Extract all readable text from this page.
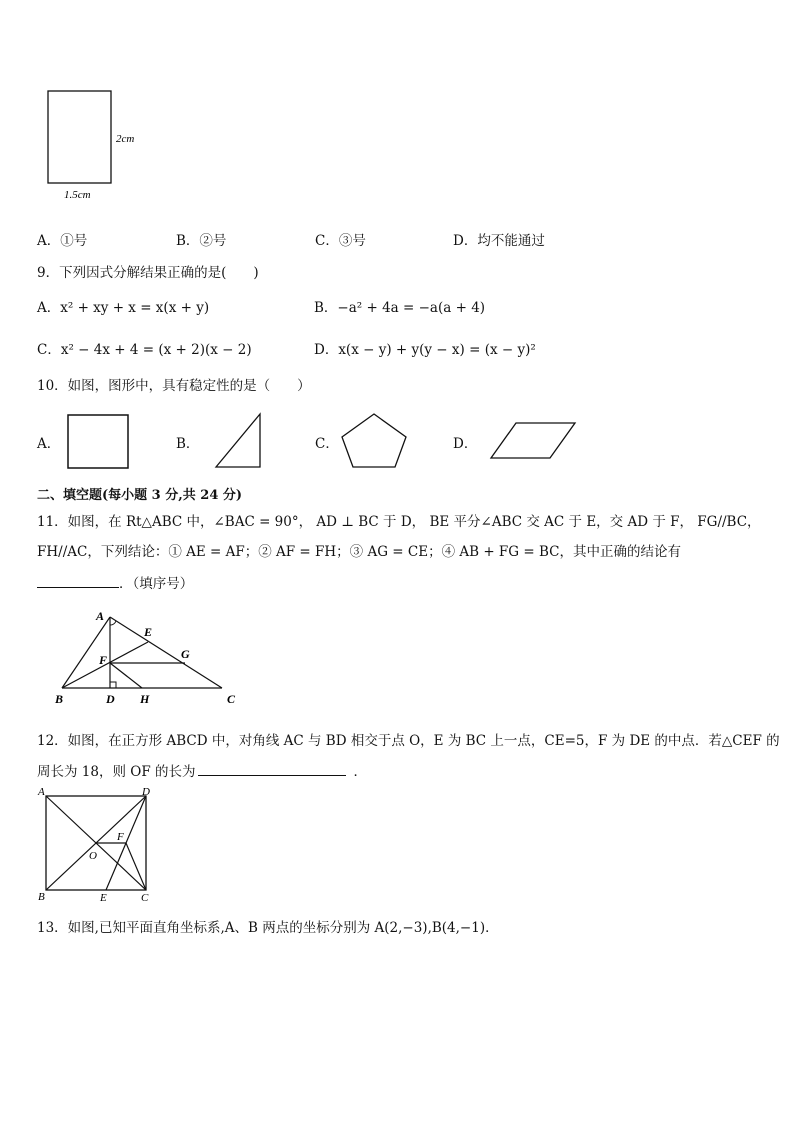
2cm
1.5cm
A．①号	B．②号	C．③号	D．均不能通过
9．下列因式分解结果正确的是(　　)
A．x² + xy + x = x(x + y)	B．−a² + 4a = −a(a + 4)
C．x² − 4x + 4 = (x + 2)(x − 2)	D．x(x − y) + y(y − x) = (x − y)²
10．如图，图形中，具有稳定性的是（　　）
A．	B．	C．	D．
二、填空题(每小题 3 分,共 24 分)
11．如图，在 Rt△ABC 中，∠BAC = 90°， AD ⊥ BC 于 D， BE 平分∠ABC 交 AC 于 E，交 AD 于 F， FG//BC，
FH//AC，下列结论：① AE = AF；② AF = FH；③ AG = CE；④ AB + FG = BC，其中正确的结论有
．（填序号）
A
E
G
F
B	D H	C
12．如图，在正方形 ABCD 中，对角线 AC 与 BD 相交于点 O，E 为 BC 上一点，CE=5，F 为 DE 的中点．若△CEF 的
周长为 18，则 OF 的长为	．
A	D
F
O
B	E	C
13．如图,已知平面直角坐标系,A、B 两点的坐标分别为 A(2,−3),B(4,−1)．
